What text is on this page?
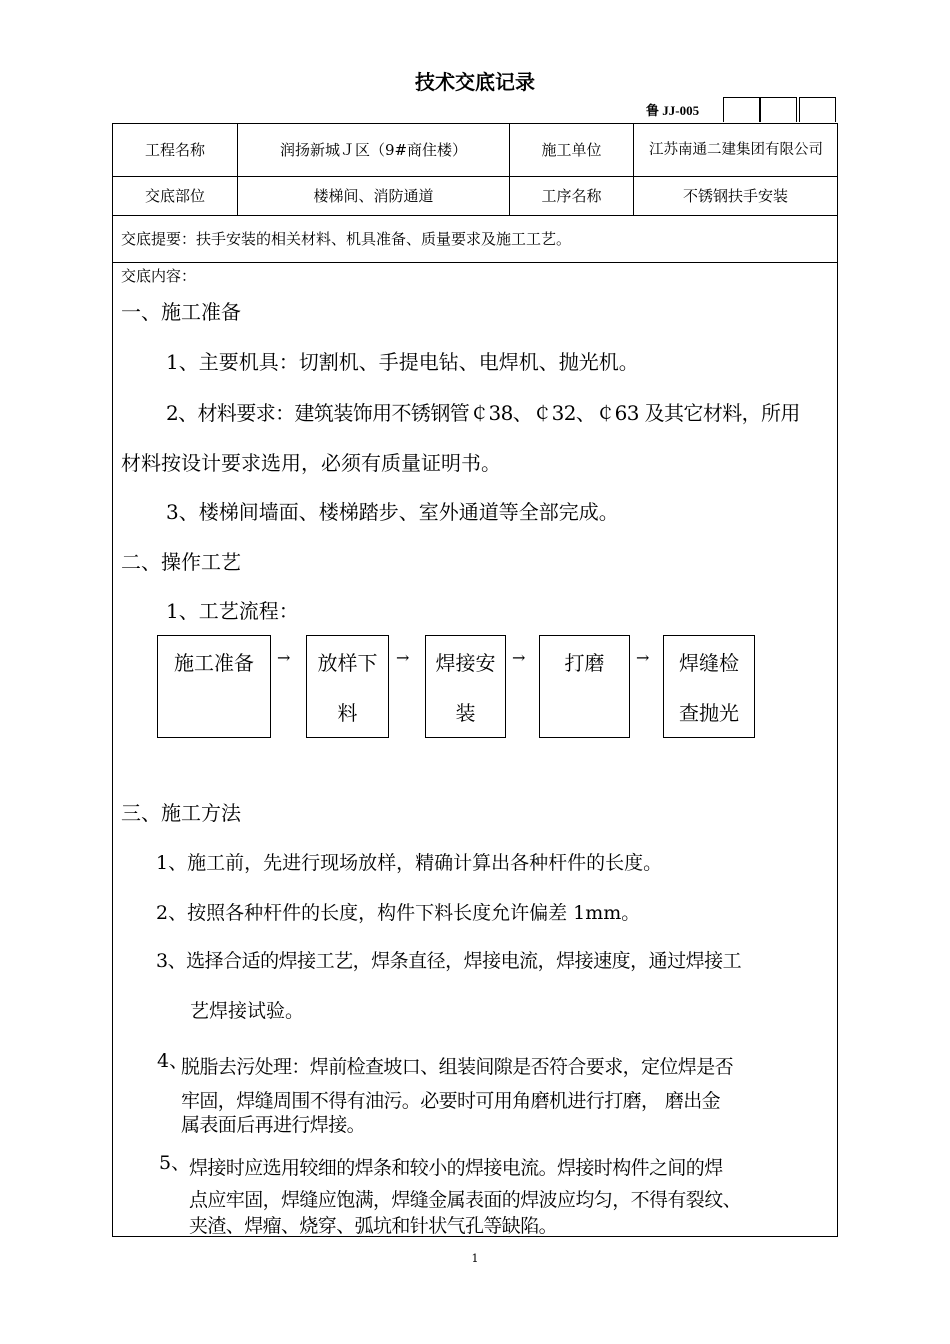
技术交底记录
鲁 JJ-005
工程名称	润扬新城Ｊ区（9#商住楼）	施工单位	江苏南通二建集团有限公司
交底部位	楼梯间、消防通道	工序名称	不锈钢扶手安装
交底提要：扶手安装的相关材料、机具准备、质量要求及施工工艺。
交底内容：
一、施工准备
1、主要机具：切割机、手提电钻、电焊机、抛光机。
2、材料要求：建筑装饰用不锈钢管￠38、￠32、￠63 及其它材料，所用
材料按设计要求选用，必须有质量证明书。
3、楼梯间墙面、楼梯踏步、室外通道等全部完成。
二、操作工艺
1、工艺流程：
施工准备	→	放样下
料
→	焊接安
装
→	打磨	→	焊缝检
查抛光
三、施工方法
1、施工前，先进行现场放样，精确计算出各种杆件的长度。
2、按照各种杆件的长度，构件下料长度允许偏差 1mm。
3、选择合适的焊接工艺，焊条直径，焊接电流，焊接速度，通过焊接工
艺焊接试验。
4、
脱脂去污处理：焊前检查坡口、组装间隙是否符合要求，定位焊是否
牢固，焊缝周围不得有油污。必要时可用角磨机进行打磨， 磨出金
属表面后再进行焊接。
5、
焊接时应选用较细的焊条和较小的焊接电流。焊接时构件之间的焊
点应牢固，焊缝应饱满，焊缝金属表面的焊波应均匀，不得有裂纹、
夹渣、焊瘤、烧穿、弧坑和针状气孔等缺陷。
1
